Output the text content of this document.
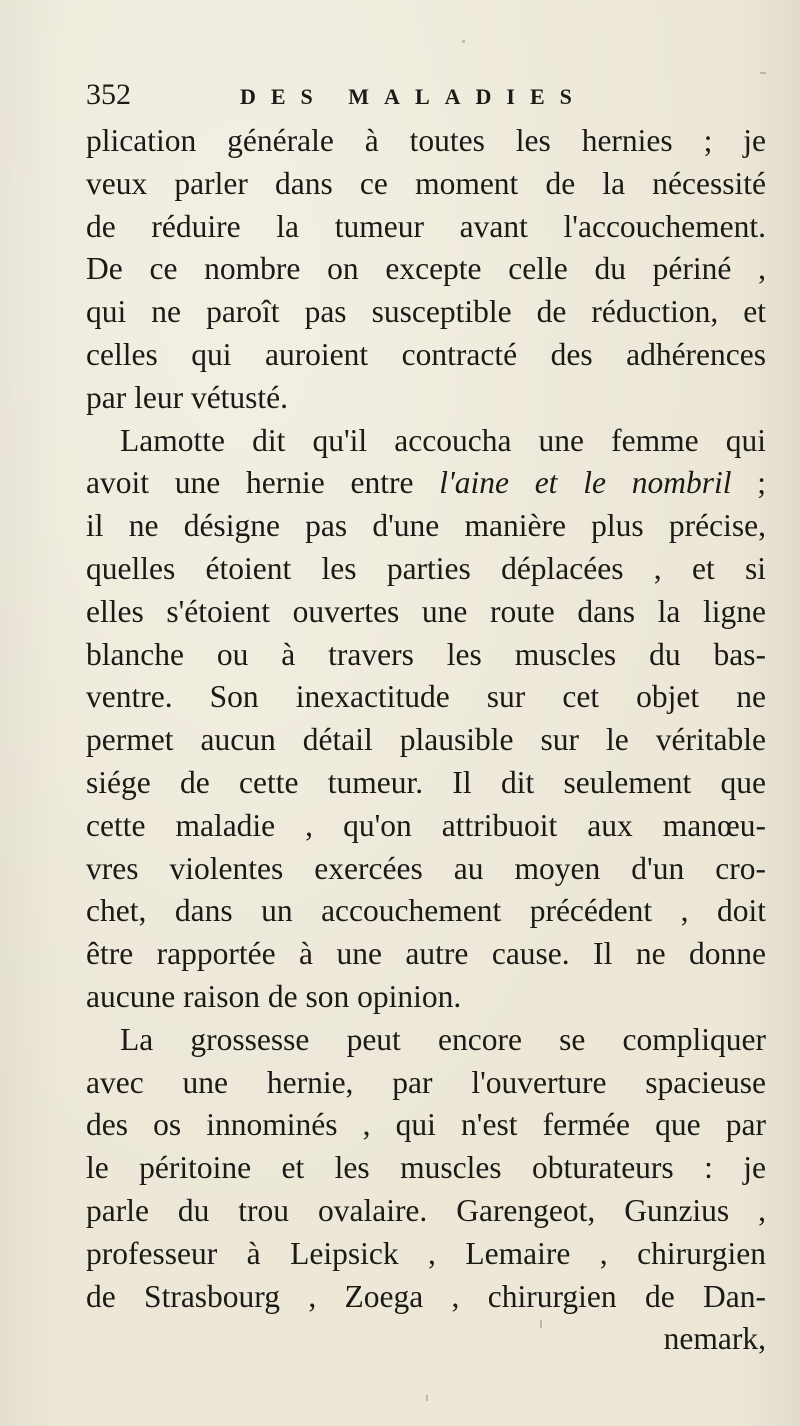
352	DES MALADIES
plication générale à toutes les hernies ; je
veux parler dans ce moment de la nécessité
de réduire la tumeur avant l'accouchement.
De ce nombre on excepte celle du périné ,
qui ne paroît pas susceptible de réduction, et
celles qui auroient contracté des adhérences
par leur vétusté.
Lamotte dit qu'il accoucha une femme qui
avoit une hernie entre l'aine et le nombril ;
il ne désigne pas d'une manière plus précise,
quelles étoient les parties déplacées , et si
elles s'étoient ouvertes une route dans la ligne
blanche ou à travers les muscles du bas-
ventre. Son inexactitude sur cet objet ne
permet aucun détail plausible sur le véritable
siége de cette tumeur. Il dit seulement que
cette maladie , qu'on attribuoit aux manœu-
vres violentes exercées au moyen d'un cro-
chet, dans un accouchement précédent , doit
être rapportée à une autre cause. Il ne donne
aucune raison de son opinion.
La grossesse peut encore se compliquer
avec une hernie, par l'ouverture spacieuse
des os innominés , qui n'est fermée que par
le péritoine et les muscles obturateurs : je
parle du trou ovalaire. Garengeot, Gunzius ,
professeur à Leipsick , Lemaire , chirurgien
de Strasbourg , Zoega , chirurgien de Dan-
nemark,
